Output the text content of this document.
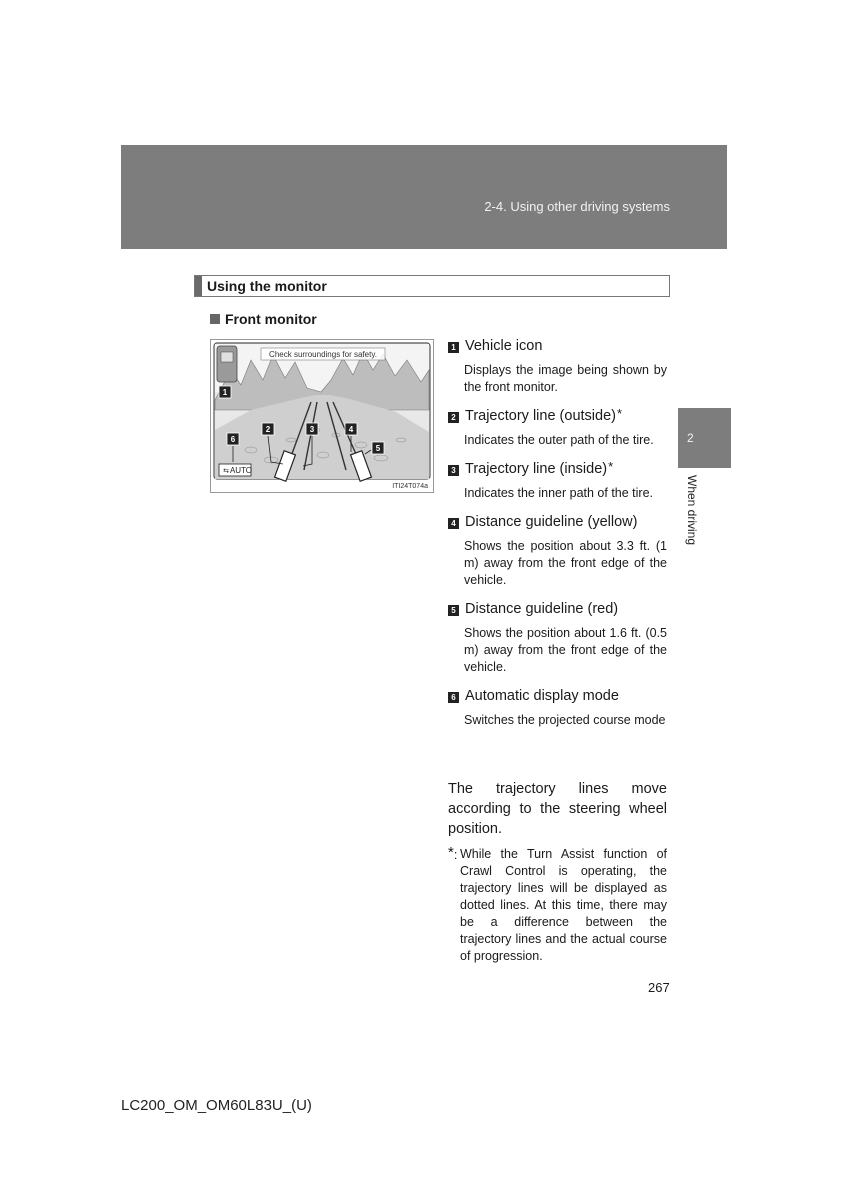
2-4. Using other driving systems
2
When driving
Using the monitor
Front monitor
Check surroundings for safety.
AUTO
⇆
1
2	3	4
5
6
ITI24T074a
1 Vehicle icon
Displays the image being shown by the front monitor.
2 Trajectory line (outside) *
Indicates the outer path of the tire.
3 Trajectory line (inside) *
Indicates the inner path of the tire.
4 Distance guideline (yellow)
Shows the position about 3.3 ft. (1 m) away from the front edge of the vehicle.
5 Distance guideline (red)
Shows the position about 1.6 ft. (0.5 m) away from the front edge of the vehicle.
6 Automatic display mode
Switches the projected course mode
The trajectory lines move according to the steering wheel position.
*: While the Turn Assist function of Crawl Control is operating, the trajectory lines will be displayed as dotted lines. At this time, there may be a difference between the trajectory lines and the actual course of progression.
267
LC200_OM_OM60L83U_(U)
